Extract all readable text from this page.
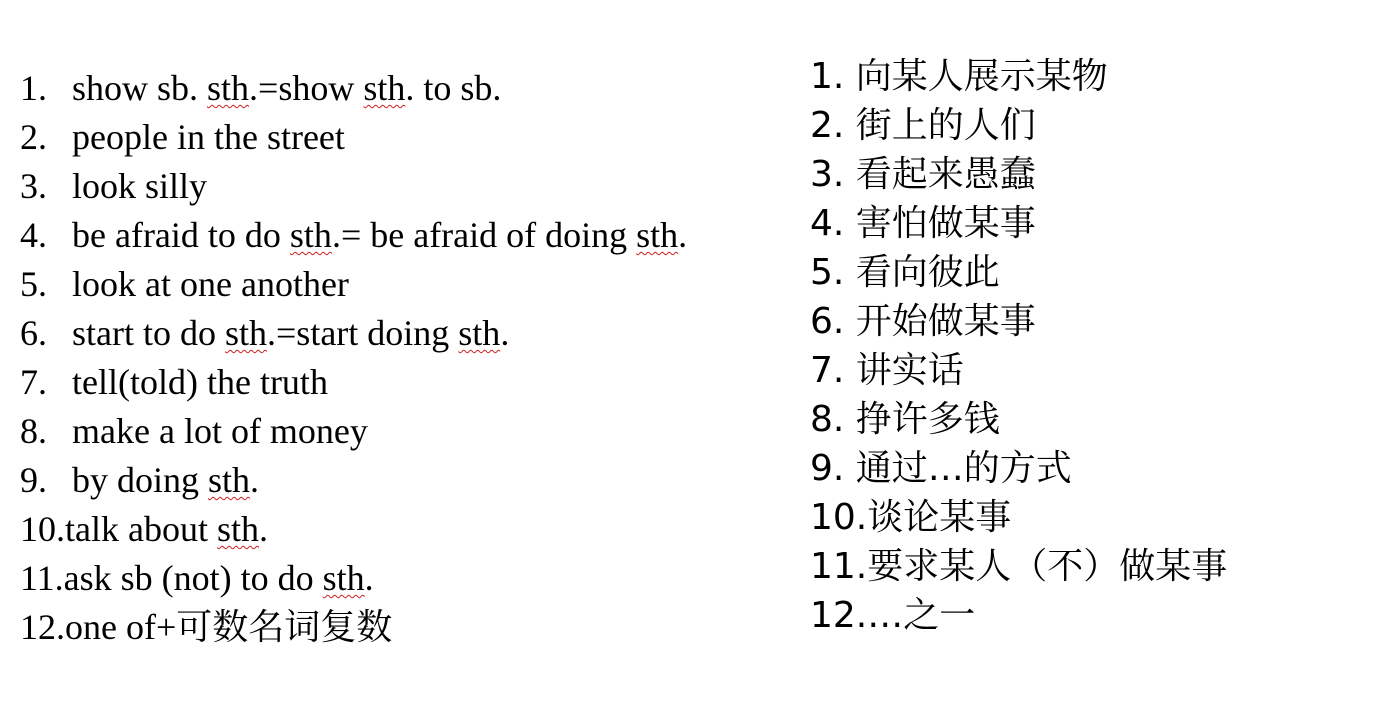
1. show sb. sth.=show sth. to sb.
2. people in the street
3. look silly
4. be afraid to do sth.= be afraid of doing sth.
5. look at one another
6. start to do sth.=start doing sth.
7. tell(told) the truth
8. make a lot of money
9. by doing sth.
10. talk about sth.
11. ask sb (not) to do sth.
12. one of+可数名词复数
1. 向某人展示某物
2. 街上的人们
3. 看起来愚蠢
4. 害怕做某事
5. 看向彼此
6. 开始做某事
7. 讲实话
8. 挣许多钱
9. 通过…的方式
10.谈论某事
11.要求某人（不）做某事
12.…之一
